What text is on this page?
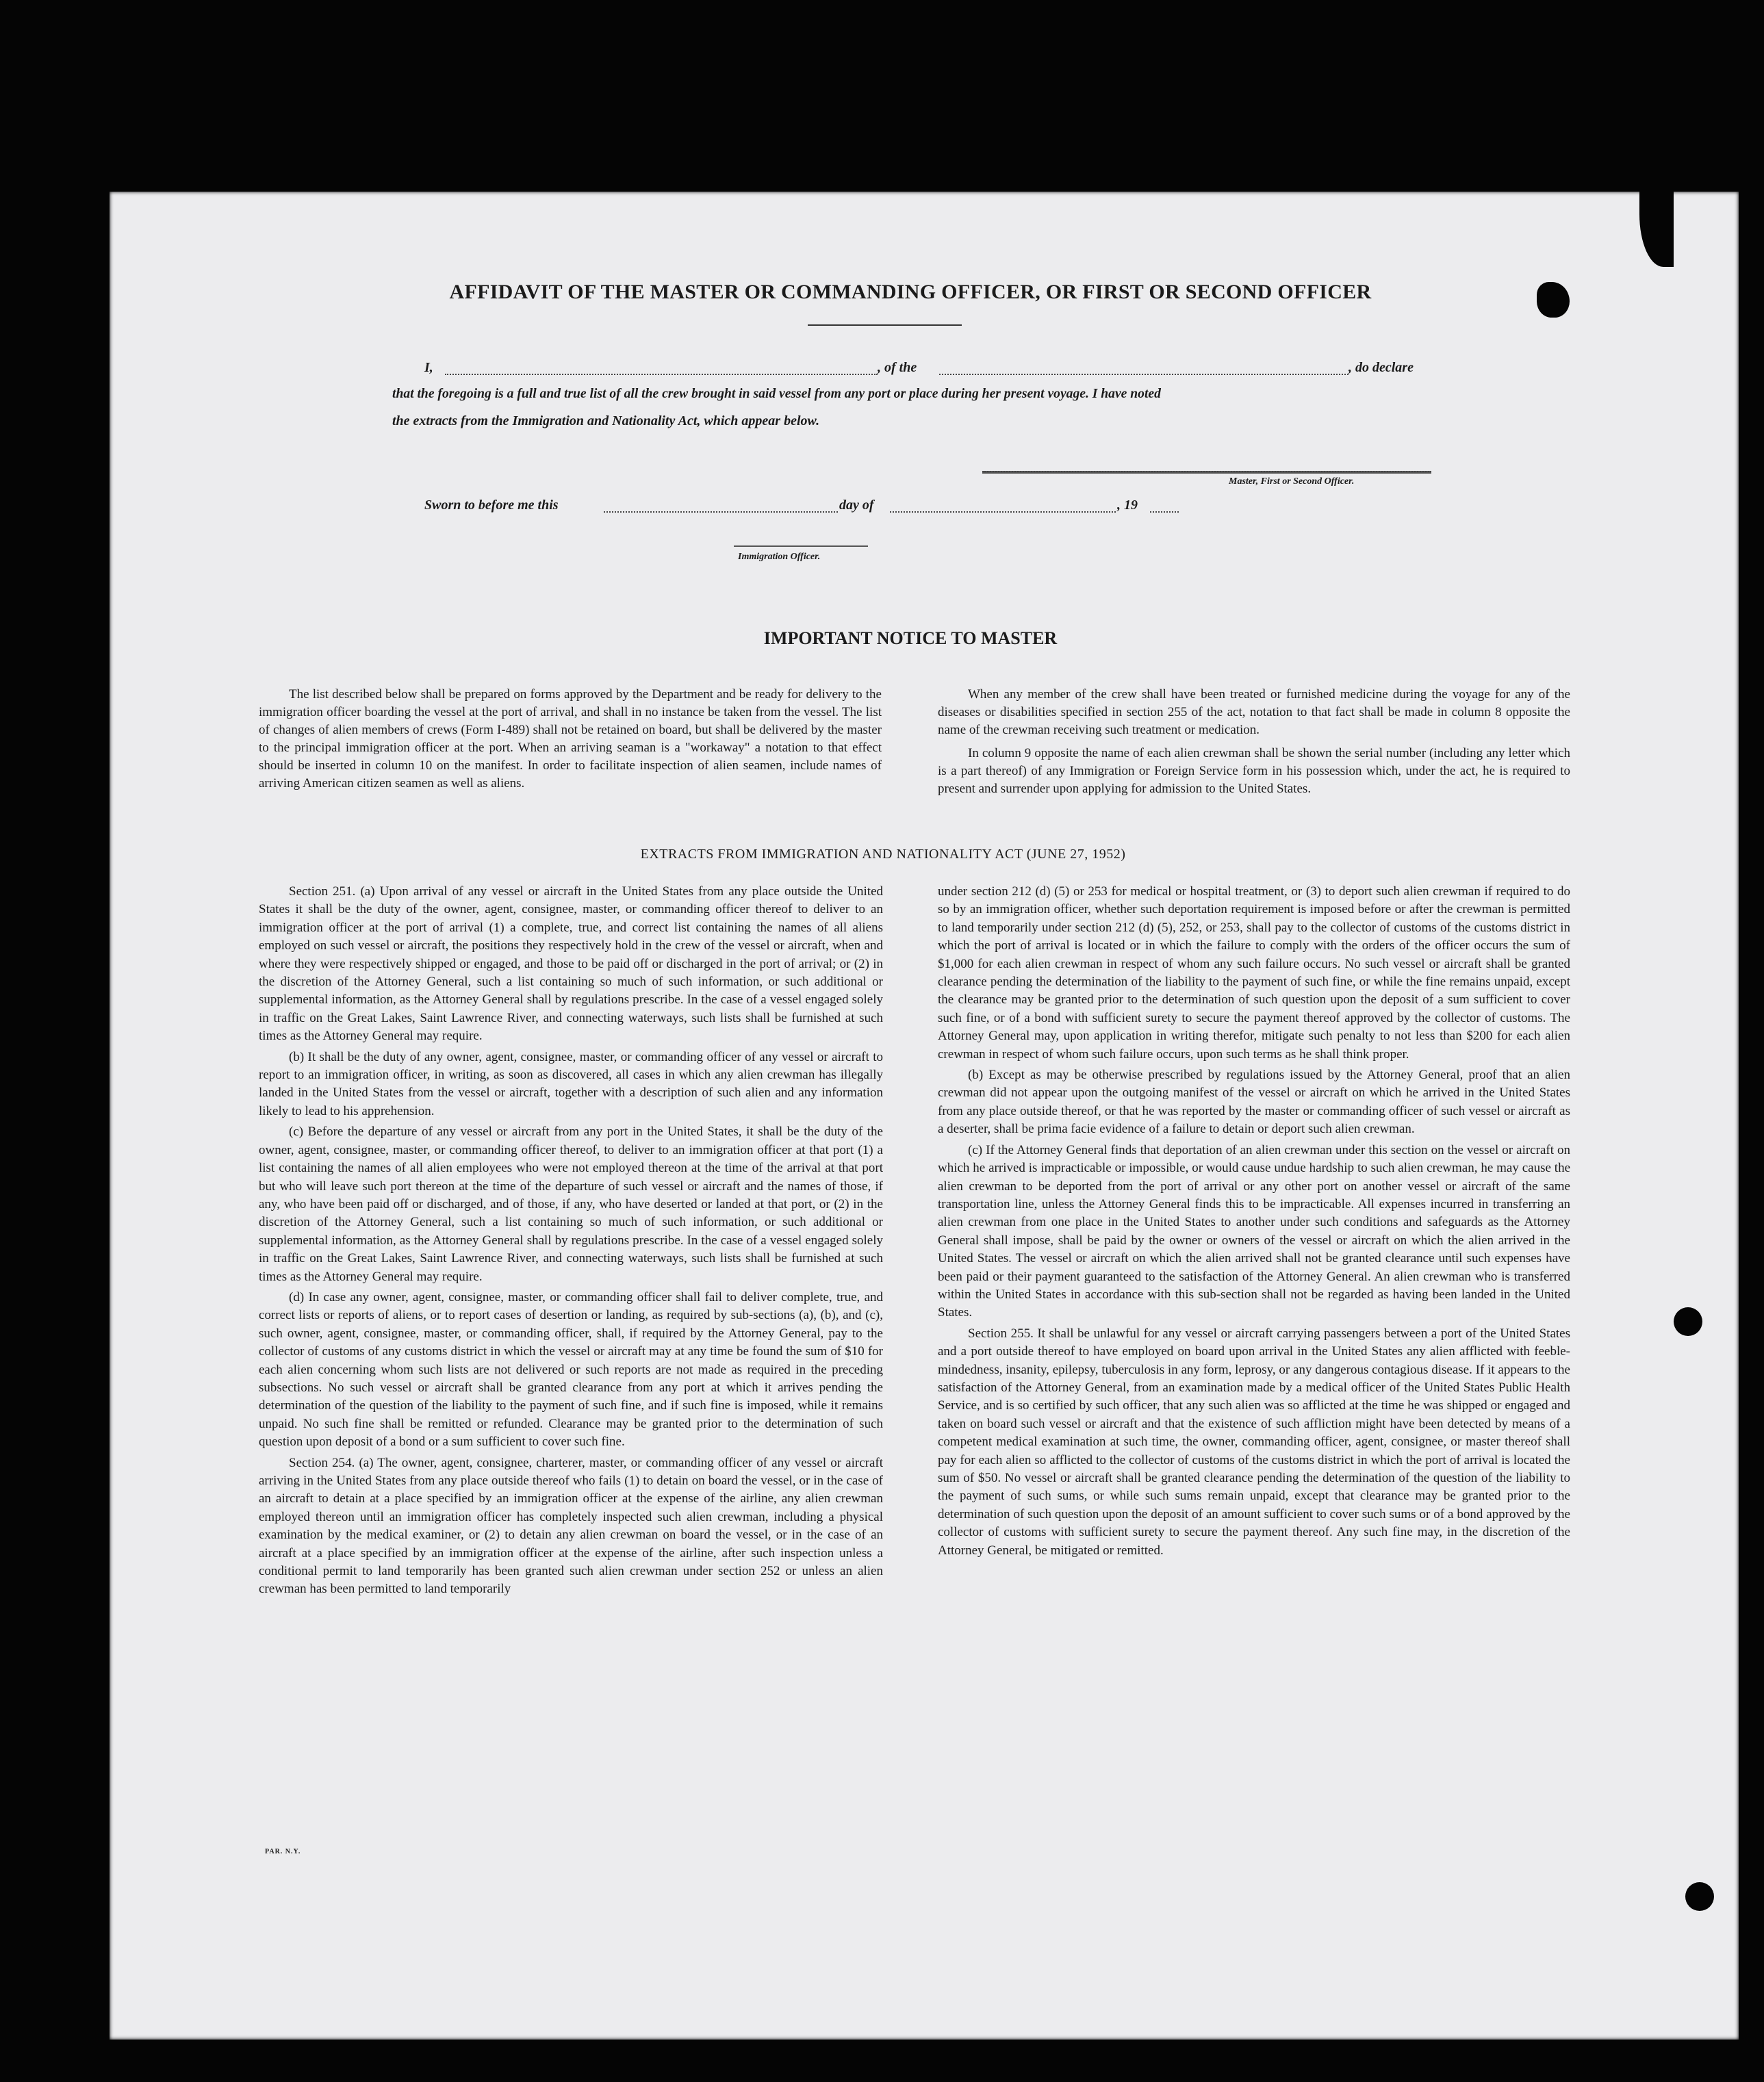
AFFIDAVIT OF THE MASTER OR COMMANDING OFFICER, OR FIRST OR SECOND OFFICER
I,	, of the	, do declare
that the foregoing is a full and true list of all the crew brought in said vessel from any port or place during her present voyage. I have noted
the extracts from the Immigration and Nationality Act, which appear below.
Master, First or Second Officer.
Sworn to before me this	day of	, 19
Immigration Officer.
IMPORTANT NOTICE TO MASTER

The list described below shall be prepared on forms approved by the Department and be ready for delivery to the immigration officer boarding the vessel at the port of arrival, and shall in no instance be taken from the vessel. The list of changes of alien members of crews (Form I-489) shall not be retained on board, but shall be delivered by the master to the principal immigration officer at the port. When an arriving seaman is a "workaway" a notation to that effect should be inserted in column 10 on the manifest. In order to facilitate inspection of alien seamen, include names of arriving American citizen seamen as well as aliens.

When any member of the crew shall have been treated or furnished medicine during the voyage for any of the diseases or disabilities specified in section 255 of the act, notation to that fact shall be made in column 8 opposite the name of the crewman receiving such treatment or medication.

In column 9 opposite the name of each alien crewman shall be shown the serial number (including any letter which is a part thereof) of any Immigration or Foreign Service form in his possession which, under the act, he is required to present and surrender upon applying for admission to the United States.

EXTRACTS FROM IMMIGRATION AND NATIONALITY ACT (JUNE 27, 1952)

Section 251. (a) Upon arrival of any vessel or aircraft in the United States from any place outside the United States it shall be the duty of the owner, agent, consignee, master, or commanding officer thereof to deliver to an immigration officer at the port of arrival (1) a complete, true, and correct list containing the names of all aliens employed on such vessel or aircraft, the positions they respectively hold in the crew of the vessel or aircraft, when and where they were respectively shipped or engaged, and those to be paid off or discharged in the port of arrival; or (2) in the discretion of the Attorney General, such a list containing so much of such information, or such additional or supplemental information, as the Attorney General shall by regulations prescribe. In the case of a vessel engaged solely in traffic on the Great Lakes, Saint Lawrence River, and connecting waterways, such lists shall be furnished at such times as the Attorney General may require.

(b) It shall be the duty of any owner, agent, consignee, master, or commanding officer of any vessel or aircraft to report to an immigration officer, in writing, as soon as discovered, all cases in which any alien crewman has illegally landed in the United States from the vessel or aircraft, together with a description of such alien and any information likely to lead to his apprehension.

(c) Before the departure of any vessel or aircraft from any port in the United States, it shall be the duty of the owner, agent, consignee, master, or commanding officer thereof, to deliver to an immigration officer at that port (1) a list containing the names of all alien employees who were not employed thereon at the time of the arrival at that port but who will leave such port thereon at the time of the departure of such vessel or aircraft and the names of those, if any, who have been paid off or discharged, and of those, if any, who have deserted or landed at that port, or (2) in the discretion of the Attorney General, such a list containing so much of such information, or such additional or supplemental information, as the Attorney General shall by regulations prescribe. In the case of a vessel engaged solely in traffic on the Great Lakes, Saint Lawrence River, and connecting waterways, such lists shall be furnished at such times as the Attorney General may require.

(d) In case any owner, agent, consignee, master, or commanding officer shall fail to deliver complete, true, and correct lists or reports of aliens, or to report cases of desertion or landing, as required by sub-sections (a), (b), and (c), such owner, agent, consignee, master, or commanding officer, shall, if required by the Attorney General, pay to the collector of customs of any customs district in which the vessel or aircraft may at any time be found the sum of $10 for each alien concerning whom such lists are not delivered or such reports are not made as required in the preceding subsections. No such vessel or aircraft shall be granted clearance from any port at which it arrives pending the determination of the question of the liability to the payment of such fine, and if such fine is imposed, while it remains unpaid. No such fine shall be remitted or refunded. Clearance may be granted prior to the determination of such question upon deposit of a bond or a sum sufficient to cover such fine.

Section 254. (a) The owner, agent, consignee, charterer, master, or commanding officer of any vessel or aircraft arriving in the United States from any place outside thereof who fails (1) to detain on board the vessel, or in the case of an aircraft to detain at a place specified by an immigration officer at the expense of the airline, any alien crewman employed thereon until an immigration officer has completely inspected such alien crewman, including a physical examination by the medical examiner, or (2) to detain any alien crewman on board the vessel, or in the case of an aircraft at a place specified by an immigration officer at the expense of the airline, after such inspection unless a conditional permit to land temporarily has been granted such alien crewman under section 252 or unless an alien crewman has been permitted to land temporarily

under section 212 (d) (5) or 253 for medical or hospital treatment, or (3) to deport such alien crewman if required to do so by an immigration officer, whether such deportation requirement is imposed before or after the crewman is permitted to land temporarily under section 212 (d) (5), 252, or 253, shall pay to the collector of customs of the customs district in which the port of arrival is located or in which the failure to comply with the orders of the officer occurs the sum of $1,000 for each alien crewman in respect of whom any such failure occurs. No such vessel or aircraft shall be granted clearance pending the determination of the liability to the payment of such fine, or while the fine remains unpaid, except the clearance may be granted prior to the determination of such question upon the deposit of a sum sufficient to cover such fine, or of a bond with sufficient surety to secure the payment thereof approved by the collector of customs. The Attorney General may, upon application in writing therefor, mitigate such penalty to not less than $200 for each alien crewman in respect of whom such failure occurs, upon such terms as he shall think proper.

(b) Except as may be otherwise prescribed by regulations issued by the Attorney General, proof that an alien crewman did not appear upon the outgoing manifest of the vessel or aircraft on which he arrived in the United States from any place outside thereof, or that he was reported by the master or commanding officer of such vessel or aircraft as a deserter, shall be prima facie evidence of a failure to detain or deport such alien crewman.

(c) If the Attorney General finds that deportation of an alien crewman under this section on the vessel or aircraft on which he arrived is impracticable or impossible, or would cause undue hardship to such alien crewman, he may cause the alien crewman to be deported from the port of arrival or any other port on another vessel or aircraft of the same transportation line, unless the Attorney General finds this to be impracticable. All expenses incurred in transferring an alien crewman from one place in the United States to another under such conditions and safeguards as the Attorney General shall impose, shall be paid by the owner or owners of the vessel or aircraft on which the alien arrived in the United States. The vessel or aircraft on which the alien arrived shall not be granted clearance until such expenses have been paid or their payment guaranteed to the satisfaction of the Attorney General. An alien crewman who is transferred within the United States in accordance with this sub-section shall not be regarded as having been landed in the United States.

Section 255. It shall be unlawful for any vessel or aircraft carrying passengers between a port of the United States and a port outside thereof to have employed on board upon arrival in the United States any alien afflicted with feeble-mindedness, insanity, epilepsy, tuberculosis in any form, leprosy, or any dangerous contagious disease. If it appears to the satisfaction of the Attorney General, from an examination made by a medical officer of the United States Public Health Service, and is so certified by such officer, that any such alien was so afflicted at the time he was shipped or engaged and taken on board such vessel or aircraft and that the existence of such affliction might have been detected by means of a competent medical examination at such time, the owner, commanding officer, agent, consignee, or master thereof shall pay for each alien so afflicted to the collector of customs of the customs district in which the port of arrival is located the sum of $50. No vessel or aircraft shall be granted clearance pending the determination of the question of the liability to the payment of such sums, or while such sums remain unpaid, except that clearance may be granted prior to the determination of such question upon the deposit of an amount sufficient to cover such sums or of a bond approved by the collector of customs with sufficient surety to secure the payment thereof. Any such fine may, in the discretion of the Attorney General, be mitigated or remitted.

PAR. N.Y.
